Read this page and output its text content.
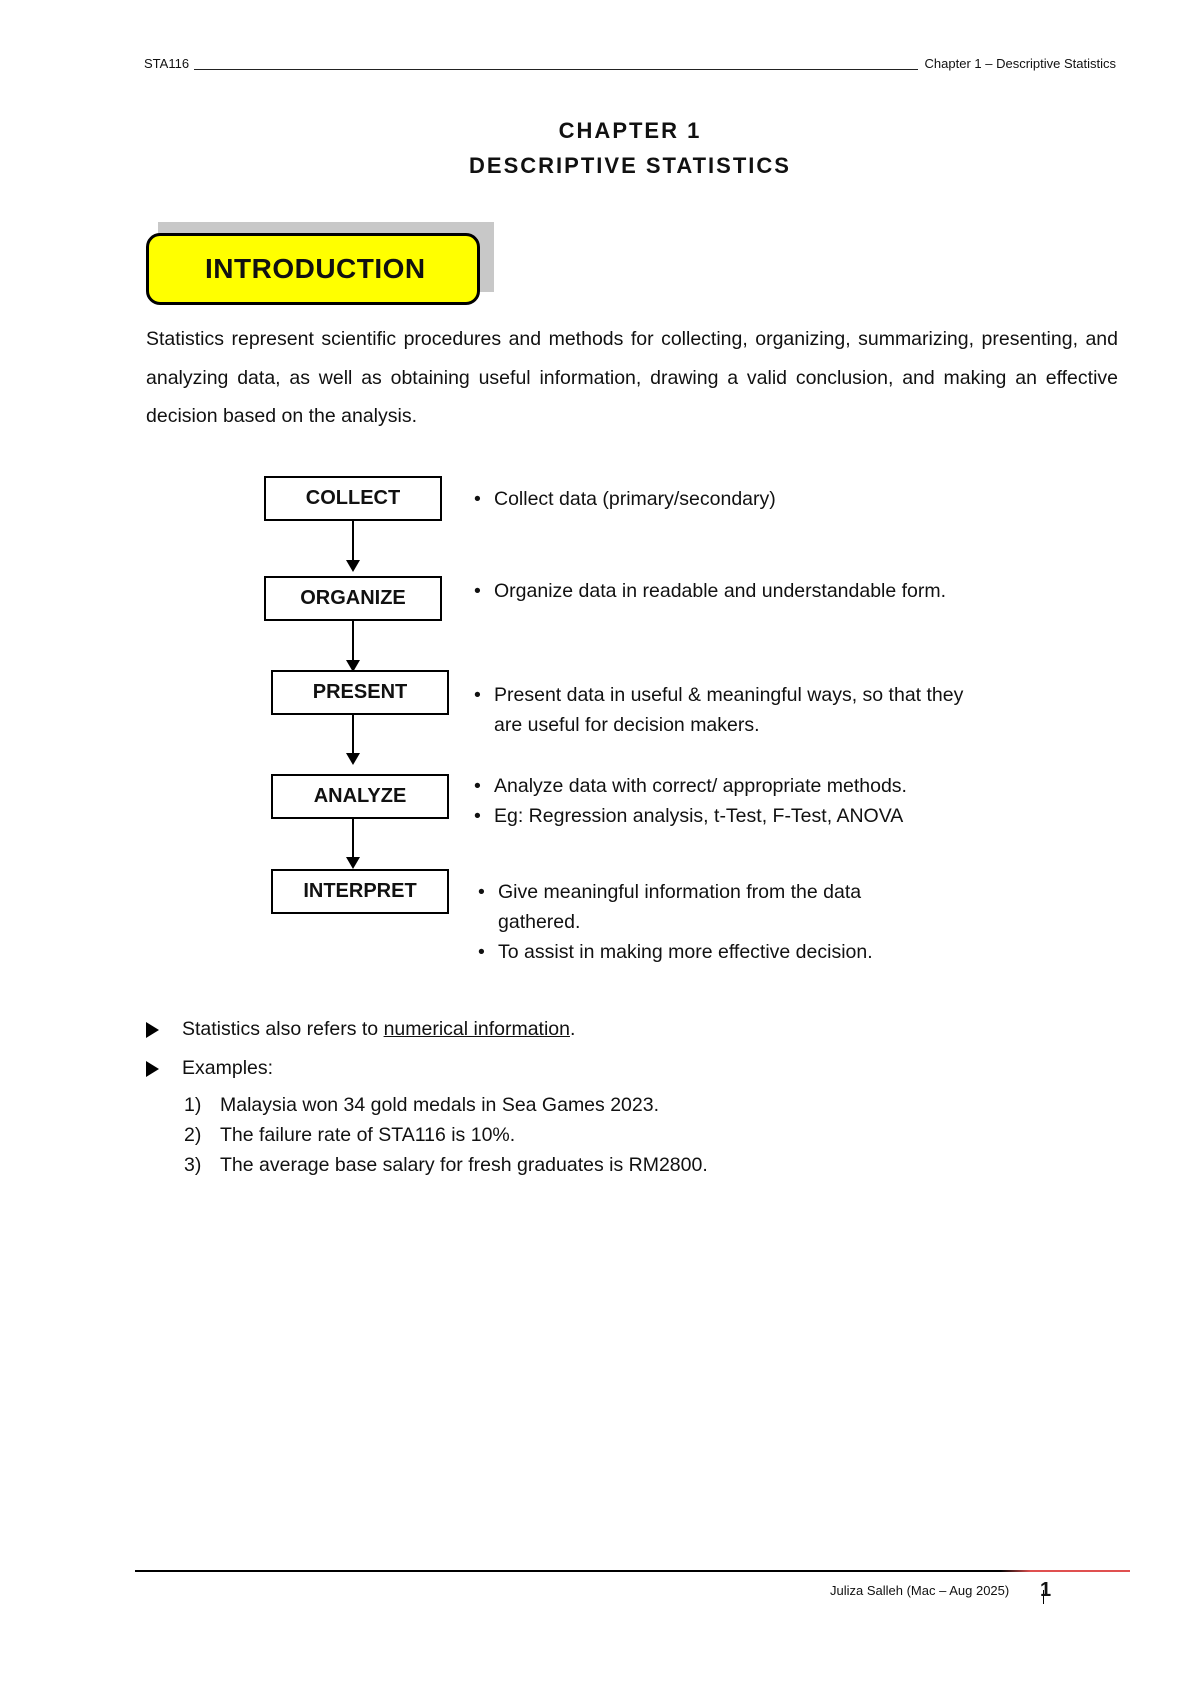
STA116	Chapter 1 – Descriptive Statistics
CHAPTER 1
DESCRIPTIVE STATISTICS
INTRODUCTION
Statistics represent scientific procedures and methods for collecting, organizing, summarizing, presenting, and analyzing data, as well as obtaining useful information, drawing a valid conclusion, and making an effective decision based on the analysis.
COLLECT
ORGANIZE
PRESENT
ANALYZE
INTERPRET
• Collect data (primary/secondary)
• Organize data in readable and understandable form.
• Present data in useful & meaningful ways, so that they are useful for decision makers.
• Analyze data with correct/ appropriate methods.
• Eg: Regression analysis, t-Test, F-Test, ANOVA
• Give meaningful information from the data gathered.
• To assist in making more effective decision.
Statistics also refers to numerical information.
Examples:
1) Malaysia won 34 gold medals in Sea Games 2023.
2) The failure rate of STA116 is 10%.
3) The average base salary for fresh graduates is RM2800.
Juliza Salleh (Mac – Aug 2025) 1
